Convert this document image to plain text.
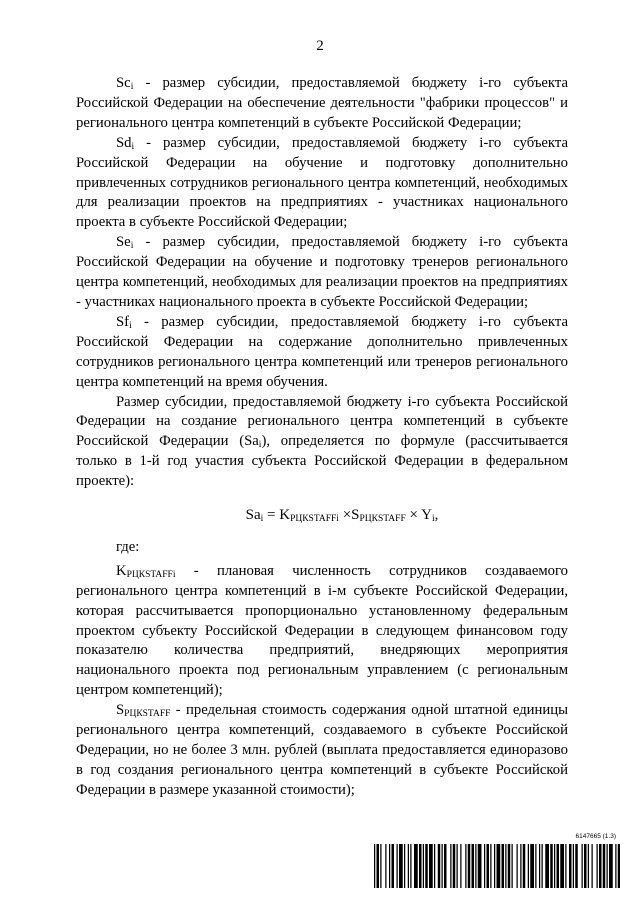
2

$Sc_i$ - размер субсидии, предоставляемой бюджету i-го субъекта Российской Федерации на обеспечение деятельности "фабрики процессов" и регионального центра компетенций в субъекте Российской Федерации;

$Sd_i$ - размер субсидии, предоставляемой бюджету i-го субъекта Российской Федерации на обучение и подготовку дополнительно привлеченных сотрудников регионального центра компетенций, необходимых для реализации проектов на предприятиях - участниках национального проекта в субъекте Российской Федерации;

$Se_i$ - размер субсидии, предоставляемой бюджету i-го субъекта Российской Федерации на обучение и подготовку тренеров регионального центра компетенций, необходимых для реализации проектов на предприятиях - участниках национального проекта в субъекте Российской Федерации;

$Sf_i$ - размер субсидии, предоставляемой бюджету i-го субъекта Российской Федерации на содержание дополнительно привлеченных сотрудников регионального центра компетенций или тренеров регионального центра компетенций на время обучения.

Размер субсидии, предоставляемой бюджету i-го субъекта Российской Федерации на создание регионального центра компетенций в субъекте Российской Федерации $(Sa_i)$, определяется по формуле (рассчитывается только в 1-й год участия субъекта Российской Федерации в федеральном проекте):

$Sa_i = K_{РЦКSTAFFi} \times S_{РЦКSTAFF} \times Y_i$,

где:

$K_{РЦКSTAFFi}$ - плановая численность сотрудников создаваемого регионального центра компетенций в i-м субъекте Российской Федерации, которая рассчитывается пропорционально установленному федеральным проектом субъекту Российской Федерации в следующем финансовом году показателю количества предприятий, внедряющих мероприятия национального проекта под региональным управлением (с региональным центром компетенций);

$S_{РЦКSTAFF}$ - предельная стоимость содержания одной штатной единицы регионального центра компетенций, создаваемого в субъекте Российской Федерации, но не более 3 млн. рублей (выплата предоставляется единоразово в год создания регионального центра компетенций в субъекте Российской Федерации в размере указанной стоимости);

6147665 (1.3)
